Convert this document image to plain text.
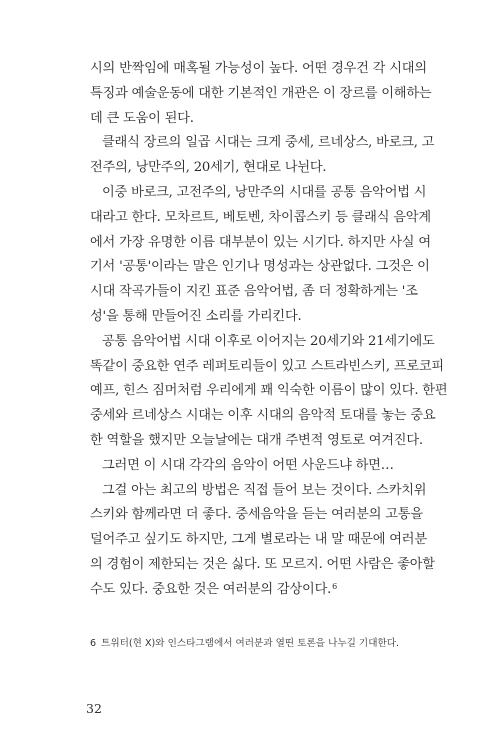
시의 반짝임에 매혹될 가능성이 높다. 어떤 경우건 각 시대의
특징과 예술운동에 대한 기본적인 개관은 이 장르를 이해하는
데 큰 도움이 된다.
클래식 장르의 일곱 시대는 크게 중세, 르네상스, 바로크, 고
전주의, 낭만주의, 20세기, 현대로 나뉜다.
이중 바로크, 고전주의, 낭만주의 시대를 공통 음악어법 시
대라고 한다. 모차르트, 베토벤, 차이콥스키 등 클래식 음악계
에서 가장 유명한 이름 대부분이 있는 시기다. 하지만 사실 여
기서 '공통'이라는 말은 인기나 명성과는 상관없다. 그것은 이
시대 작곡가들이 지킨 표준 음악어법, 좀 더 정확하게는 '조
성'을 통해 만들어진 소리를 가리킨다.
공통 음악어법 시대 이후로 이어지는 20세기와 21세기에도
똑같이 중요한 연주 레퍼토리들이 있고 스트라빈스키, 프로코피
예프, 힌스 짐머처럼 우리에게 꽤 익숙한 이름이 많이 있다. 한편
중세와 르네상스 시대는 이후 시대의 음악적 토대를 놓는 중요
한 역할을 했지만 오늘날에는 대개 주변적 영토로 여겨진다.
그러면 이 시대 각각의 음악이 어떤 사운드냐 하면…
그걸 아는 최고의 방법은 직접 들어 보는 것이다. 스카치위
스키와 함께라면 더 좋다. 중세음악을 듣는 여러분의 고통을
덜어주고 싶기도 하지만, 그게 별로라는 내 말 때문에 여러분
의 경험이 제한되는 것은 싫다. 또 모르지. 어떤 사람은 좋아할
수도 있다. 중요한 것은 여러분의 감상이다.$^6$
6 트위터(현 X)와 인스타그램에서 여러분과 열띤 토론을 나누길 기대한다.
32
